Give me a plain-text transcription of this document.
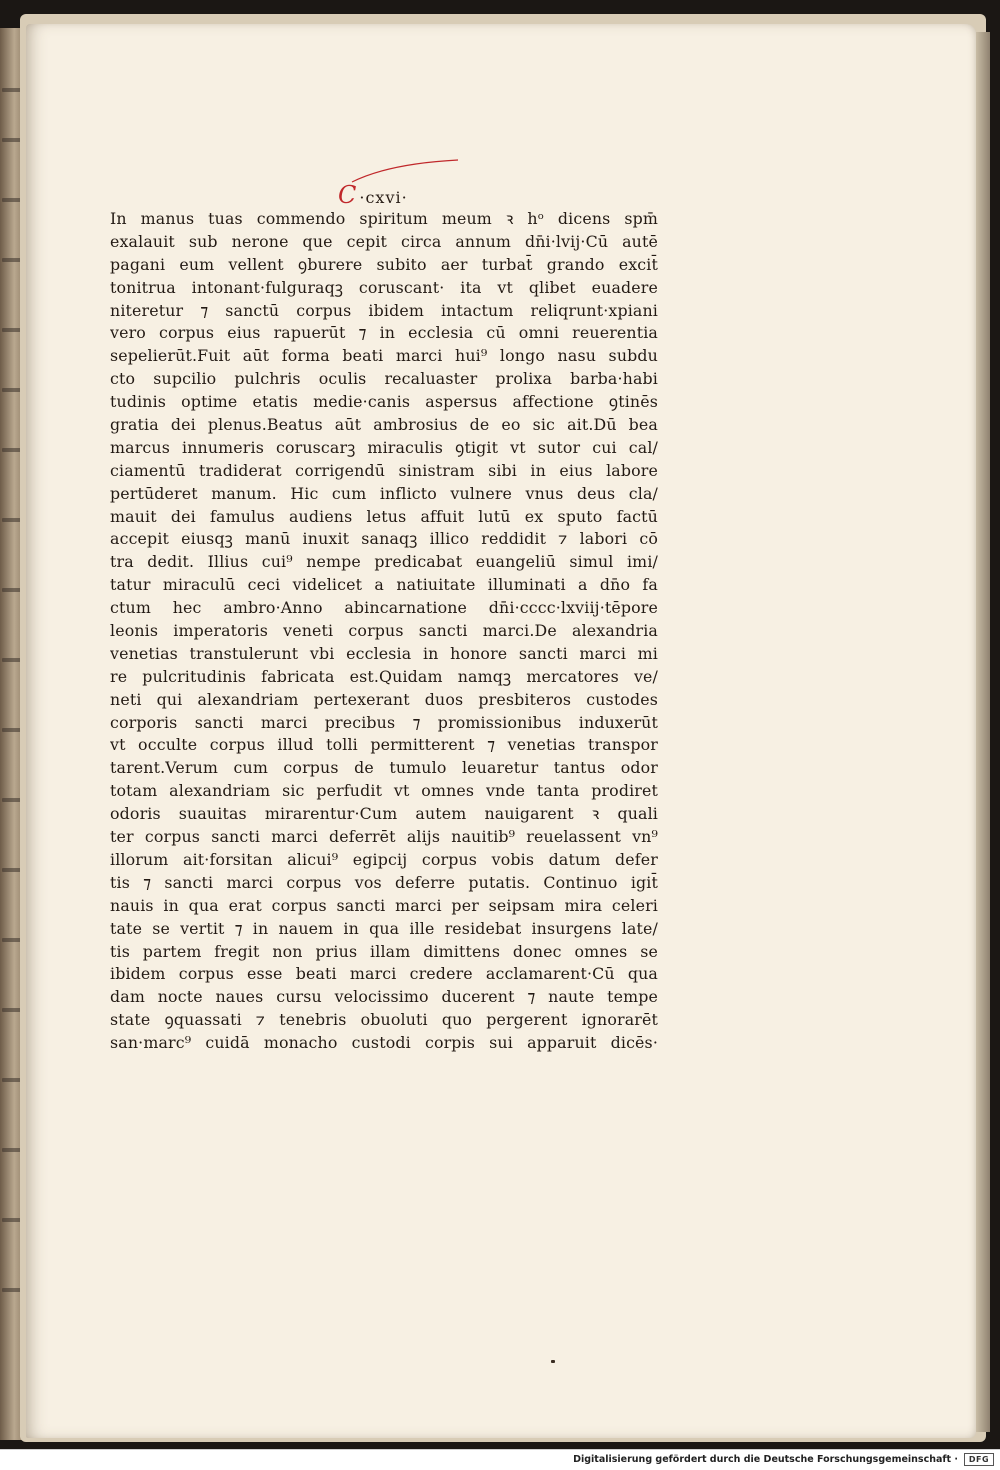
C ·cxvi·
In manus tuas commendo spiritum meum ꝛ hᵒ dicens spm̄
exalauit sub nerone que cepit circa annum dn̄i·lvij·Cū autē
pagani eum vellent ꝯburere subito aer turbat̄ grando excit̄
tonitrua intonant·fulguraqꝫ coruscant· ita vt qlibet euadere
niteretur ⁊ sanctū corpus ibidem intactum reliqrunt·xpiani
vero corpus eius rapuerūt ⁊ in ecclesia cū omni reuerentia
sepelierūt.Fuit aūt forma beati marci hui⁹ longo nasu subdu
cto supcilio pulchris oculis recaluaster prolixa barba·habi
tudinis optime etatis medie·canis aspersus affectione ꝯtinēs
gratia dei plenus.Beatus aūt ambrosius de eo sic ait.Dū bea
marcus innumeris coruscarꝫ miraculis ꝯtigit vt sutor cui cal/
ciamentū tradiderat corrigendū sinistram sibi in eius labore
pertūderet manum. Hic cum inflicto vulnere vnus deus cla/
mauit dei famulus audiens letus affuit lutū ex sputo factū
accepit eiusqꝫ manū inuxit sanaqꝫ illico reddidit ⁊ labori cō
tra dedit. Illius cui⁹ nempe predicabat euangeliū simul imi/
tatur miraculū ceci videlicet a natiuitate illuminati a dn̄o fa
ctum hec ambro·Anno abincarnatione dn̄i·cccc·lxviij·tēpore
leonis imperatoris veneti corpus sancti marci.De alexandria
venetias transtulerunt vbi ecclesia in honore sancti marci mi
re pulcritudinis fabricata est.Quidam namqꝫ mercatores ve/
neti qui alexandriam pertexerant duos presbiteros custodes
corporis sancti marci precibus ⁊ promissionibus induxerūt
vt occulte corpus illud tolli permitterent ⁊ venetias transpor
tarent.Verum cum corpus de tumulo leuaretur tantus odor
totam alexandriam sic perfudit vt omnes vnde tanta prodiret
odoris suauitas mirarentur·Cum autem nauigarent ꝛ quali
ter corpus sancti marci deferrēt alijs nauitib⁹ reuelassent vn⁹
illorum ait·forsitan alicui⁹ egipcij corpus vobis datum defer
tis ⁊ sancti marci corpus vos deferre putatis. Continuo igit̄
nauis in qua erat corpus sancti marci per seipsam mira celeri
tate se vertit ⁊ in nauem in qua ille residebat insurgens late/
tis partem fregit non prius illam dimittens donec omnes se
ibidem corpus esse beati marci credere acclamarent·Cū qua
dam nocte naues cursu velocissimo ducerent ⁊ naute tempe
state ꝯquassati ⁊ tenebris obuoluti quo pergerent ignorarēt
san·marc⁹ cuidā monacho custodi corpis sui apparuit dicēs·
Digitalisierung gefördert durch die Deutsche Forschungsgemeinschaft ·	DFG
